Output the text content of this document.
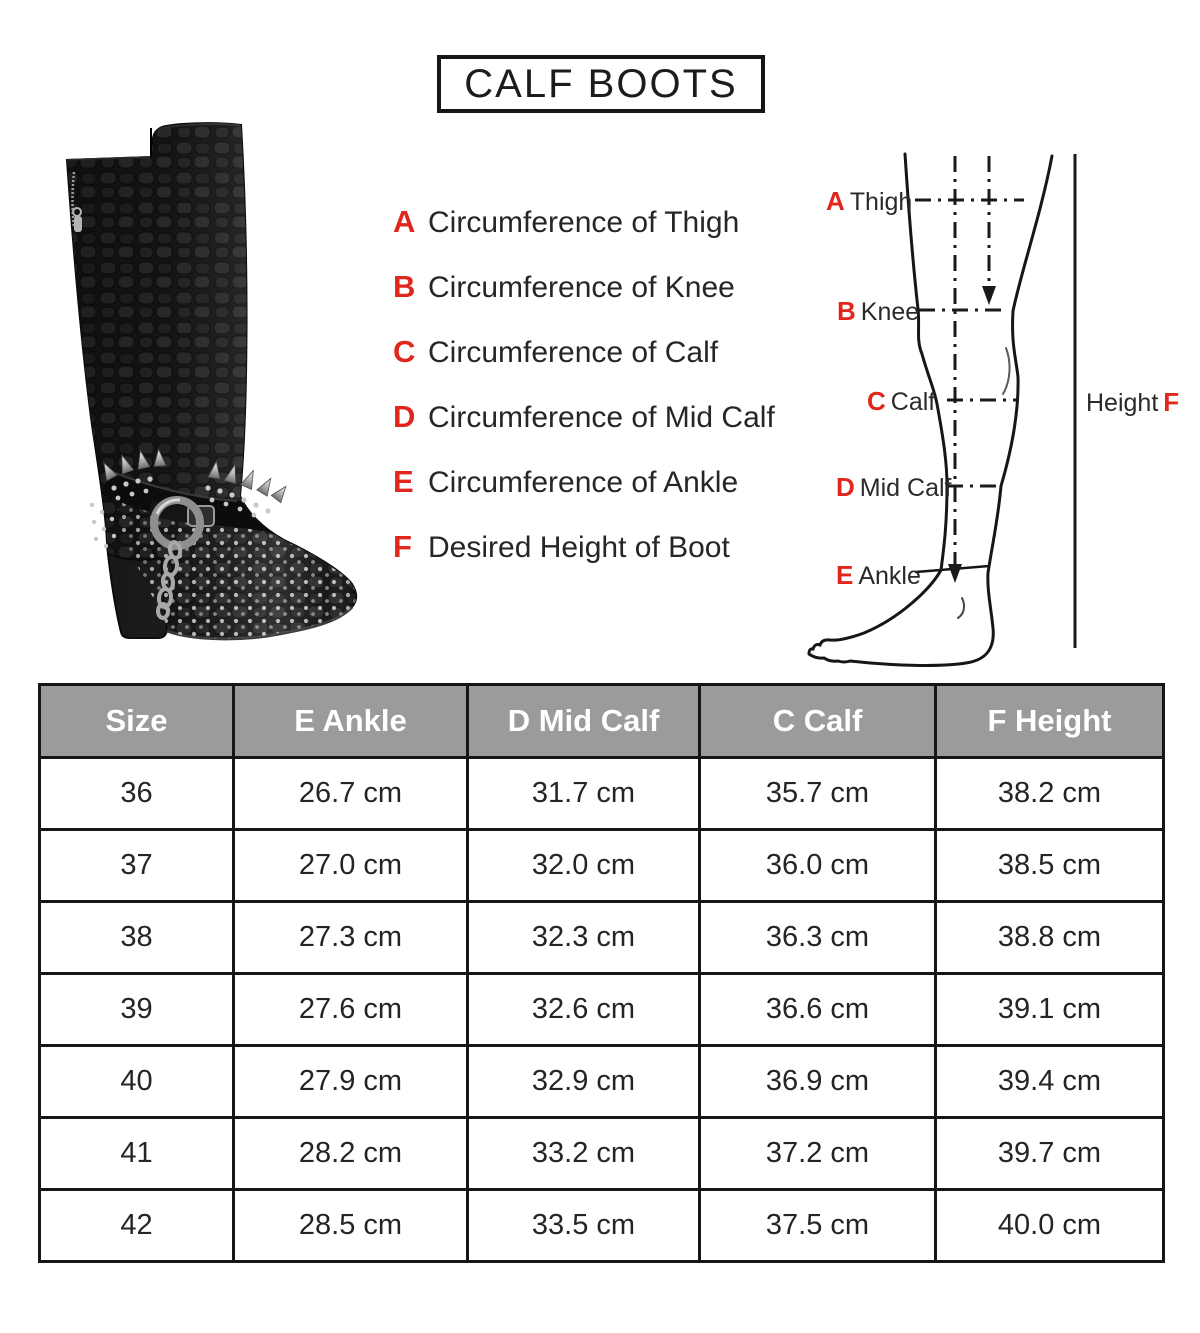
CALF BOOTS
A Circumference of Thigh
B Circumference of Knee
C Circumference of Calf
D Circumference of Mid Calf
E Circumference of Ankle
F Desired Height of Boot
A Thigh
B Knee
C Calf
D Mid Calf
E Ankle
Height F
Size	E Ankle	D Mid Calf	C Calf	F Height
36	26.7 cm	31.7 cm	35.7 cm	38.2 cm
37	27.0 cm	32.0 cm	36.0 cm	38.5 cm
38	27.3 cm	32.3 cm	36.3 cm	38.8 cm
39	27.6 cm	32.6 cm	36.6 cm	39.1 cm
40	27.9 cm	32.9 cm	36.9 cm	39.4 cm
41	28.2 cm	33.2 cm	37.2 cm	39.7 cm
42	28.5 cm	33.5 cm	37.5 cm	40.0 cm
